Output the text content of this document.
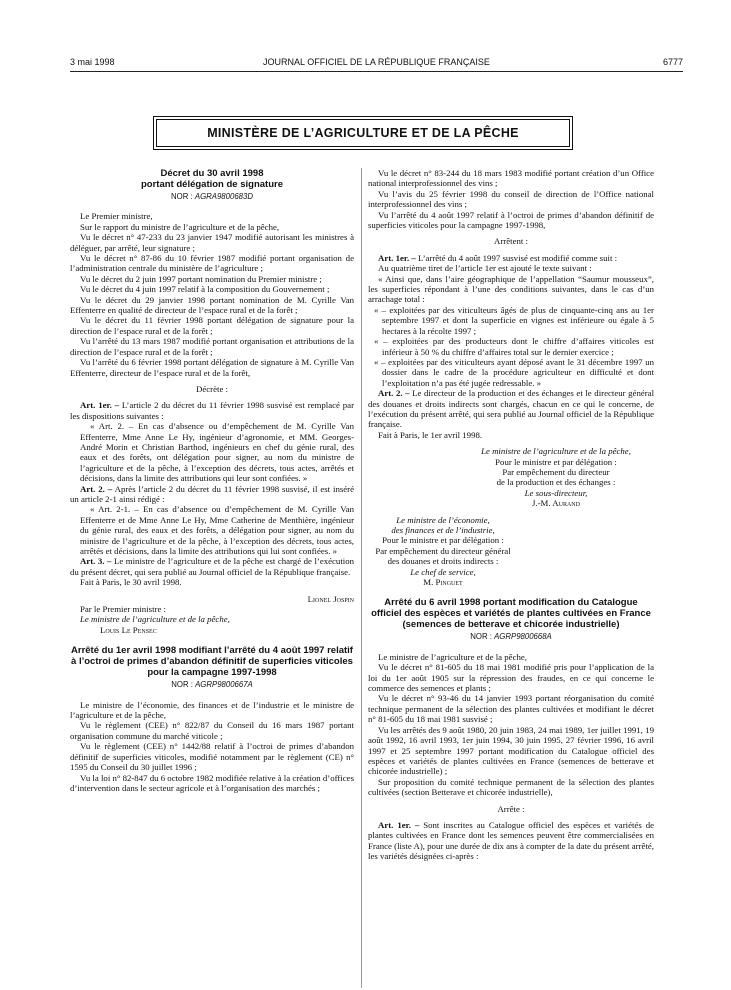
3 mai 1998	JOURNAL OFFICIEL DE LA RÉPUBLIQUE FRANÇAISE	6777
MINISTÈRE DE L’AGRICULTURE ET DE LA PÊCHE

Décret du 30 avril 1998

portant délégation de signature

NOR : AGRA9800683D

Le Premier ministre,

Sur le rapport du ministre de l’agriculture et de la pêche,

Vu le décret n° 47-233 du 23 janvier 1947 modifié autorisant les ministres à déléguer, par arrêté, leur signature ;

Vu le décret n° 87-86 du 10 février 1987 modifié portant organisation de l’administration centrale du ministère de l’agriculture ;

Vu le décret du 2 juin 1997 portant nomination du Premier ministre ;

Vu le décret du 4 juin 1997 relatif à la composition du Gouvernement ;

Vu le décret du 29 janvier 1998 portant nomination de M. Cyrille Van Effenterre en qualité de directeur de l’espace rural et de la forêt ;

Vu le décret du 11 février 1998 portant délégation de signature pour la direction de l’espace rural et de la forêt ;

Vu l’arrêté du 13 mars 1987 modifié portant organisation et attributions de la direction de l’espace rural et de la forêt ;

Vu l’arrêté du 6 février 1998 portant délégation de signature à M. Cyrille Van Effenterre, directeur de l’espace rural et de la forêt,

Décrète :

Art. 1er. – L’article 2 du décret du 11 février 1998 susvisé est remplacé par les dispositions suivantes :

« Art. 2. – En cas d’absence ou d’empêchement de M. Cyrille Van Effenterre, Mme Anne Le Hy, ingénieur d’agronomie, et MM. Georges-André Morin et Christian Barthod, ingénieurs en chef du génie rural, des eaux et des forêts, ont délégation pour signer, au nom du ministre de l’agriculture et de la pêche, à l’exception des décrets, tous actes, arrêtés et décisions, dans la limite des attributions qui leur sont confiées. »

Art. 2. – Après l’article 2 du décret du 11 février 1998 susvisé, il est inséré un article 2-1 ainsi rédigé :

« Art. 2-1. – En cas d’absence ou d’empêchement de M. Cyrille Van Effenterre et de Mme Anne Le Hy, Mme Catherine de Menthière, ingénieur du génie rural, des eaux et des forêts, a délégation pour signer, au nom du ministre de l’agriculture et de la pêche, à l’exception des décrets, tous actes, arrêtés et décisions, dans la limite des attributions qui lui sont confiées. »

Art. 3. – Le ministre de l’agriculture et de la pêche est chargé de l’exécution du présent décret, qui sera publié au Journal officiel de la République française.

Fait à Paris, le 30 avril 1998.

Lionel Jospin

Par le Premier ministre :

Le ministre de l’agriculture et de la pêche,

Louis Le Pensec

Arrêté du 1er avril 1998 modifiant l’arrêté du 4 août 1997 relatif à l’octroi de primes d’abandon définitif de superficies viticoles pour la campagne 1997-1998

NOR : AGRP9800667A

Le ministre de l’économie, des finances et de l’industrie et le ministre de l’agriculture et de la pêche,

Vu le règlement (CEE) n° 822/87 du Conseil du 16 mars 1987 portant organisation commune du marché viticole ;

Vu le règlement (CEE) n° 1442/88 relatif à l’octroi de primes d’abandon définitif de superficies viticoles, modifié notamment par le règlement (CE) n° 1595 du Conseil du 30 juillet 1996 ;

Vu la loi n° 82-847 du 6 octobre 1982 modifiée relative à la création d’offices d’intervention dans le secteur agricole et à l’organisation des marchés ;

Vu le décret n° 83-244 du 18 mars 1983 modifié portant création d’un Office national interprofessionnel des vins ;

Vu l’avis du 25 février 1998 du conseil de direction de l’Office national interprofessionnel des vins ;

Vu l’arrêté du 4 août 1997 relatif à l’octroi de primes d’abandon définitif de superficies viticoles pour la campagne 1997-1998,

Arrêtent :

Art. 1er. – L’arrêté du 4 août 1997 susvisé est modifié comme suit :

Au quatrième tiret de l’article 1er est ajouté le texte suivant :

« Ainsi que, dans l’aire géographique de l’appellation “Saumur mousseux”, les superficies répondant à l’une des conditions suivantes, dans le cas d’un arrachage total :

« – exploitées par des viticulteurs âgés de plus de cinquante-cinq ans au 1er septembre 1997 et dont la superficie en vignes est inférieure ou égale à 5 hectares à la récolte 1997 ;

« – exploitées par des producteurs dont le chiffre d’affaires viticoles est inférieur à 50 % du chiffre d’affaires total sur le dernier exercice ;

« – exploitées par des viticulteurs ayant déposé avant le 31 décembre 1997 un dossier dans le cadre de la procédure agriculteur en difficulté et dont l’exploitation n’a pas été jugée redressable. »

Art. 2. – Le directeur de la production et des échanges et le directeur général des douanes et droits indirects sont chargés, chacun en ce qui le concerne, de l’exécution du présent arrêté, qui sera publié au Journal officiel de la République française.

Fait à Paris, le 1er avril 1998.

Le ministre de l’agriculture et de la pêche,

Pour le ministre et par délégation :

Par empêchement du directeur

de la production et des échanges :

Le sous-directeur,

J.-M. Aurand

Le ministre de l’économie,

des finances et de l’industrie,

Pour le ministre et par délégation :

Par empêchement du directeur général

des douanes et droits indirects :

Le chef de service,

M. Pinguet

Arrêté du 6 avril 1998 portant modification du Catalogue officiel des espèces et variétés de plantes cultivées en France (semences de betterave et chicorée industrielle)

NOR : AGRP9800668A

Le ministre de l’agriculture et de la pêche,

Vu le décret n° 81-605 du 18 mai 1981 modifié pris pour l’application de la loi du 1er août 1905 sur la répression des fraudes, en ce qui concerne le commerce des semences et plants ;

Vu le décret n° 93-46 du 14 janvier 1993 portant réorganisation du comité technique permanent de la sélection des plantes cultivées et modifiant le décret n° 81-605 du 18 mai 1981 susvisé ;

Vu les arrêtés des 9 août 1980, 20 juin 1983, 24 mai 1989, 1er juillet 1991, 19 août 1992, 16 avril 1993, 1er juin 1994, 30 juin 1995, 27 février 1996, 16 avril 1997 et 25 septembre 1997 portant modification du Catalogue officiel des espèces et variétés de plantes cultivées en France (semences de betterave et chicorée industrielle) ;

Sur proposition du comité technique permanent de la sélection des plantes cultivées (section Betterave et chicorée industrielle),

Arrête :

Art. 1er. – Sont inscrites au Catalogue officiel des espèces et variétés de plantes cultivées en France dont les semences peuvent être commercialisées en France (liste A), pour une durée de dix ans à compter de la date du présent arrêté, les variétés désignées ci-après :
